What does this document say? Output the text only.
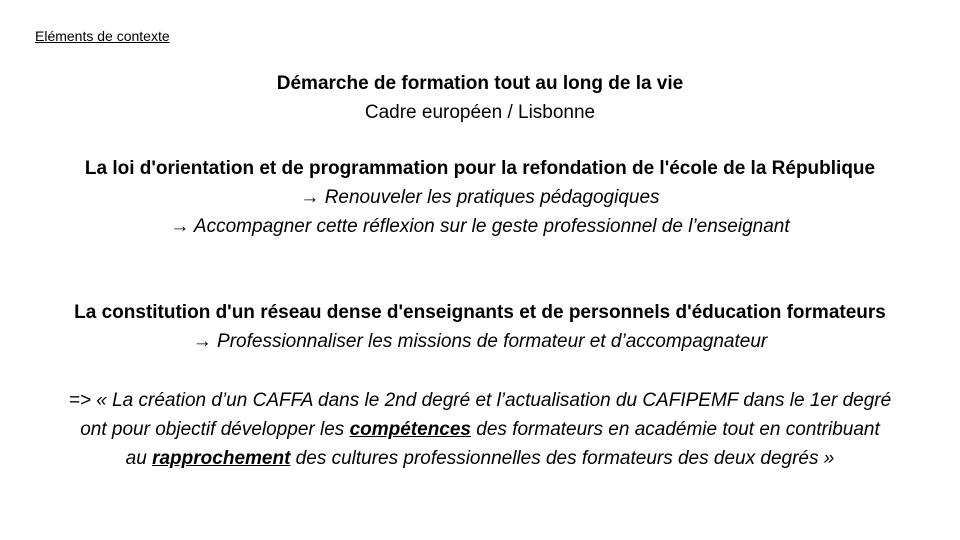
Eléments de contexte
Démarche de formation tout au long de la vie
Cadre européen / Lisbonne
La loi d'orientation et de programmation pour la refondation de l'école de la République
→ Renouveler les pratiques pédagogiques
→ Accompagner cette réflexion sur le geste professionnel de l’enseignant
La constitution d'un réseau dense d'enseignants et de personnels d'éducation formateurs
→ Professionnaliser les missions de formateur et d’accompagnateur
=> « La création d’un CAFFA dans le 2nd degré et l’actualisation du CAFIPEMF dans le 1er degré
ont pour objectif développer les compétences des formateurs en académie tout en contribuant
au rapprochement des cultures professionnelles des formateurs des deux degrés »
